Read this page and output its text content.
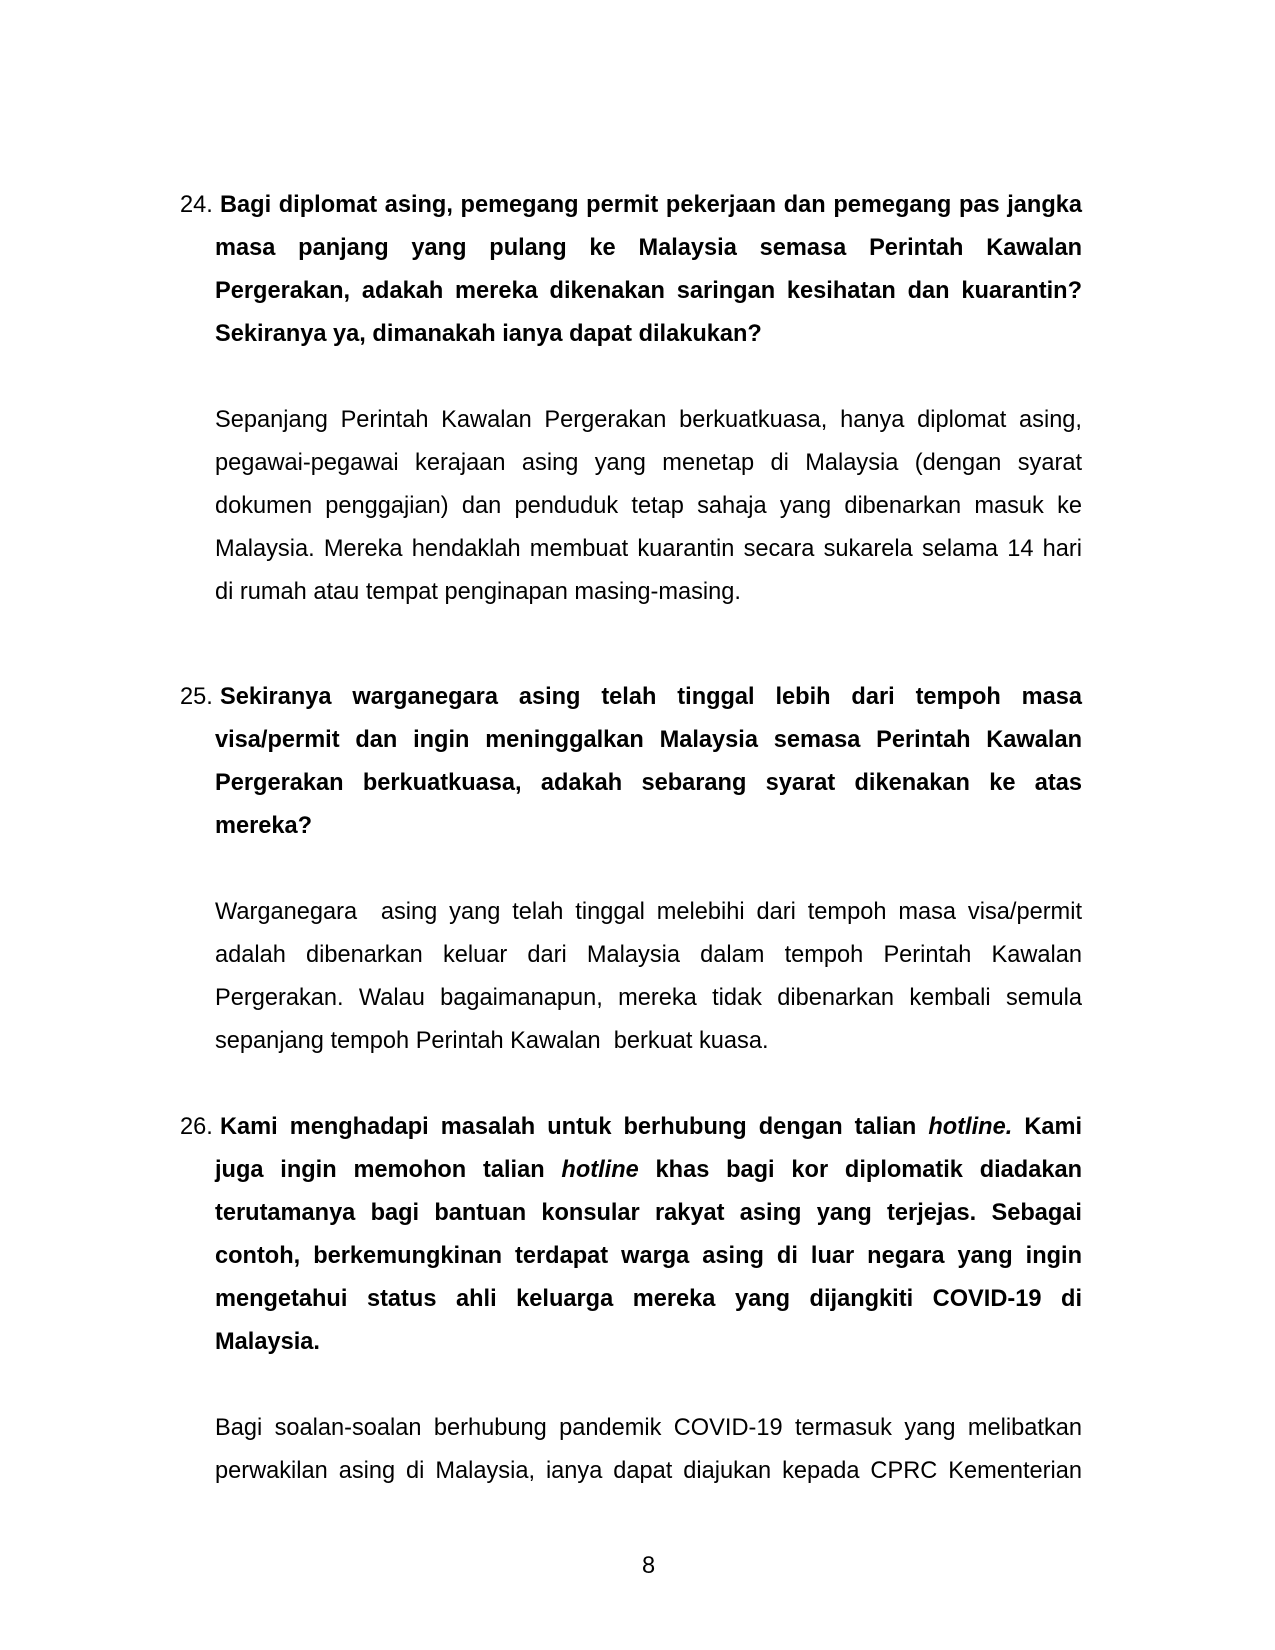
24. Bagi diplomat asing, pemegang permit pekerjaan dan pemegang pas jangka masa panjang yang pulang ke Malaysia semasa Perintah Kawalan Pergerakan, adakah mereka dikenakan saringan kesihatan dan kuarantin? Sekiranya ya, dimanakah ianya dapat dilakukan?

Sepanjang Perintah Kawalan Pergerakan berkuatkuasa, hanya diplomat asing, pegawai-pegawai kerajaan asing yang menetap di Malaysia (dengan syarat dokumen penggajian) dan penduduk tetap sahaja yang dibenarkan masuk ke Malaysia. Mereka hendaklah membuat kuarantin secara sukarela selama 14 hari di rumah atau tempat penginapan masing-masing.

25. Sekiranya warganegara asing telah tinggal lebih dari tempoh masa visa/permit dan ingin meninggalkan Malaysia semasa Perintah Kawalan Pergerakan berkuatkuasa, adakah sebarang syarat dikenakan ke atas mereka?

Warganegara  asing yang telah tinggal melebihi dari tempoh masa visa/permit adalah dibenarkan keluar dari Malaysia dalam tempoh Perintah Kawalan Pergerakan. Walau bagaimanapun, mereka tidak dibenarkan kembali semula sepanjang tempoh Perintah Kawalan  berkuat kuasa.

26. Kami menghadapi masalah untuk berhubung dengan talian hotline. Kami juga ingin memohon talian hotline khas bagi kor diplomatik diadakan terutamanya bagi bantuan konsular rakyat asing yang terjejas. Sebagai contoh, berkemungkinan terdapat warga asing di luar negara yang ingin mengetahui status ahli keluarga mereka yang dijangkiti COVID-19 di Malaysia.

Bagi soalan-soalan berhubung pandemik COVID-19 termasuk yang melibatkan perwakilan asing di Malaysia, ianya dapat diajukan kepada CPRC Kementerian

8
